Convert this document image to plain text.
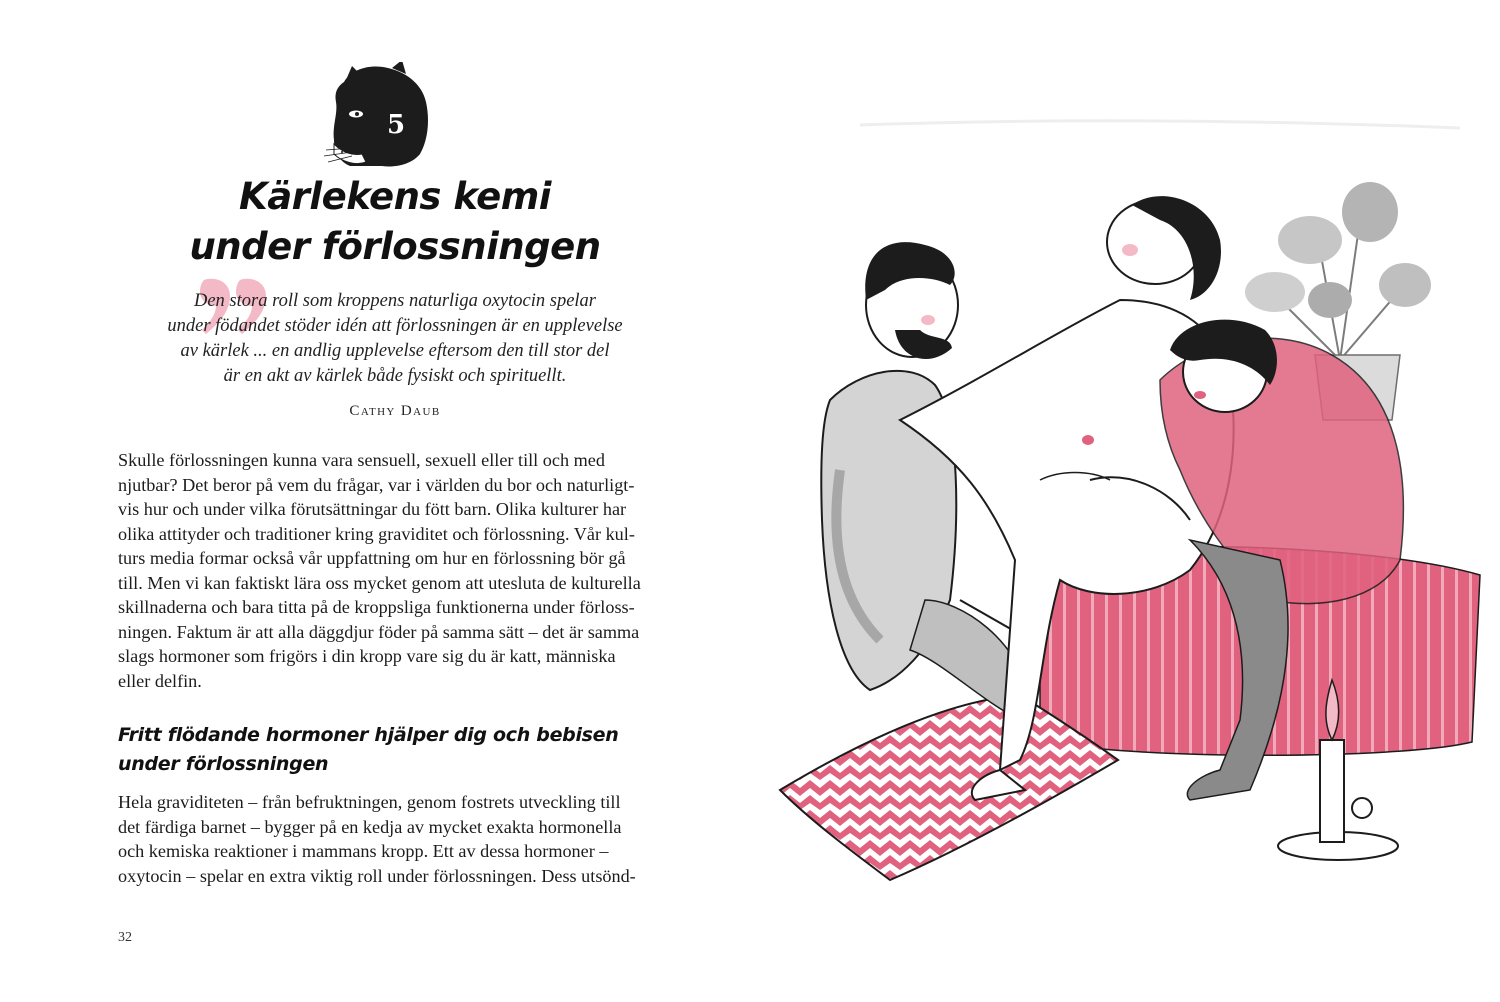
5
Kärlekens kemi
under förlossningen
Den stora roll som kroppens naturliga oxytocin spelar
under födandet stöder idén att förlossningen är en upplevelse
av kärlek ... en andlig upplevelse eftersom den till stor del
är en akt av kärlek både fysiskt och spirituellt.
Cathy Daub

Skulle förlossningen kunna vara sensuell, sexuell eller till och med
njutbar? Det beror på vem du frågar, var i världen du bor och naturligt-
vis hur och under vilka förutsättningar du fött barn. Olika kulturer har
olika attityder och traditioner kring graviditet och förlossning. Vår kul-
turs media formar också vår uppfattning om hur en förlossning bör gå
till. Men vi kan faktiskt lära oss mycket genom att utesluta de kulturella
skillnaderna och bara titta på de kroppsliga funktionerna under förloss-
ningen. Faktum är att alla däggdjur föder på samma sätt – det är samma
slags hormoner som frigörs i din kropp vare sig du är katt, människa
eller delfin.

Fritt flödande hormoner hjälper dig och bebisen
under förlossningen

Hela graviditeten – från befruktningen, genom fostrets utveckling till
det färdiga barnet – bygger på en kedja av mycket exakta hormonella
och kemiska reaktioner i mammans kropp. Ett av dessa hormoner –
oxytocin – spelar en extra viktig roll under förlossningen. Dess utsönd-

32
